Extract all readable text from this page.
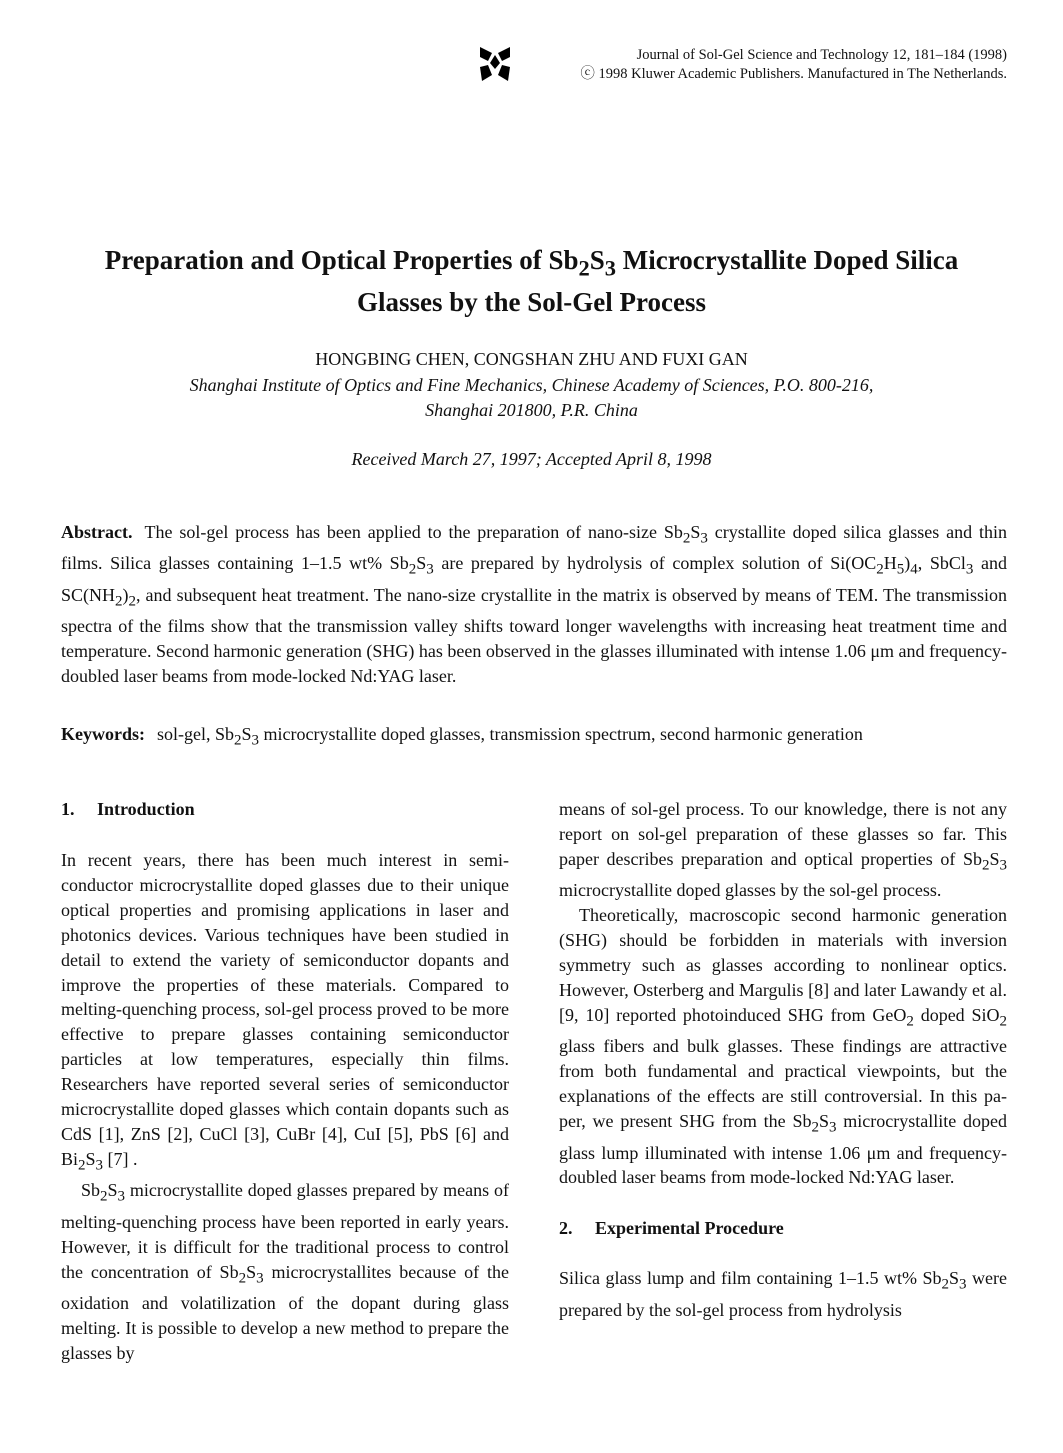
Journal of Sol-Gel Science and Technology 12, 181–184 (1998)
ⓒ 1998 Kluwer Academic Publishers. Manufactured in The Netherlands.
Preparation and Optical Properties of $Sb_2S_3$ Microcrystallite Doped Silica
Glasses by the Sol-Gel Process
HONGBING CHEN, CONGSHAN ZHU AND FUXI GAN
Shanghai Institute of Optics and Fine Mechanics, Chinese Academy of Sciences, P.O. 800-216,
Shanghai 201800, P.R. China
Received March 27, 1997; Accepted April 8, 1998
Abstract. The sol-gel process has been applied to the preparation of nano-size $Sb_2S_3$ crystallite doped silica glasses and thin films. Silica glasses containing 1–1.5 wt% $Sb_2S_3$ are prepared by hydrolysis of complex solution of $Si(OC_2H_5)_4$, SbCl$_3$ and $SC(NH_2)_2$, and subsequent heat treatment. The nano-size crystallite in the matrix is observed by means of TEM. The transmission spectra of the films show that the transmission valley shifts toward longer wavelengths with increasing heat treatment time and temperature. Second harmonic generation (SHG) has been observed in the glasses illuminated with intense 1.06 μm and frequency-doubled laser beams from mode-locked Nd:YAG laser.
Keywords: sol-gel, $Sb_2S_3$ microcrystallite doped glasses, transmission spectrum, second harmonic generation
1. Introduction

In recent years, there has been much interest in semiconductor microcrystallite doped glasses due to their unique optical properties and promising applications in laser and photonics devices. Various techniques have been studied in detail to extend the variety of semiconductor dopants and improve the properties of these materials. Compared to melting-quenching process, sol-gel process proved to be more effective to prepare glasses containing semiconductor particles at low temperatures, especially thin films. Researchers have reported several series of semiconductor microcrystallite doped glasses which contain dopants such as CdS [1], ZnS [2], CuCl [3], CuBr [4], CuI [5], PbS [6] and $Bi_2S_3$ [7] .

$Sb_2S_3$ microcrystallite doped glasses prepared by means of melting-quenching process have been reported in early years. However, it is difficult for the traditional process to control the concentration of $Sb_2S_3$ microcrystallites because of the oxidation and volatilization of the dopant during glass melting. It is possible to develop a new method to prepare the glasses by

means of sol-gel process. To our knowledge, there is not any report on sol-gel preparation of these glasses so far. This paper describes preparation and optical properties of $Sb_2S_3$ microcrystallite doped glasses by the sol-gel process.

Theoretically, macroscopic second harmonic generation (SHG) should be forbidden in materials with inversion symmetry such as glasses according to nonlinear optics. However, Osterberg and Margulis [8] and later Lawandy et al. [9, 10] reported photoinduced SHG from GeO$_2$ doped SiO$_2$ glass fibers and bulk glasses. These findings are attractive from both fundamental and practical viewpoints, but the explanations of the effects are still controversial. In this paper, we present SHG from the $Sb_2S_3$ microcrystallite doped glass lump illuminated with intense 1.06 μm and frequency-doubled laser beams from mode-locked Nd:YAG laser.

2. Experimental Procedure

Silica glass lump and film containing 1–1.5 wt% $Sb_2S_3$ were prepared by the sol-gel process from hydrolysis
